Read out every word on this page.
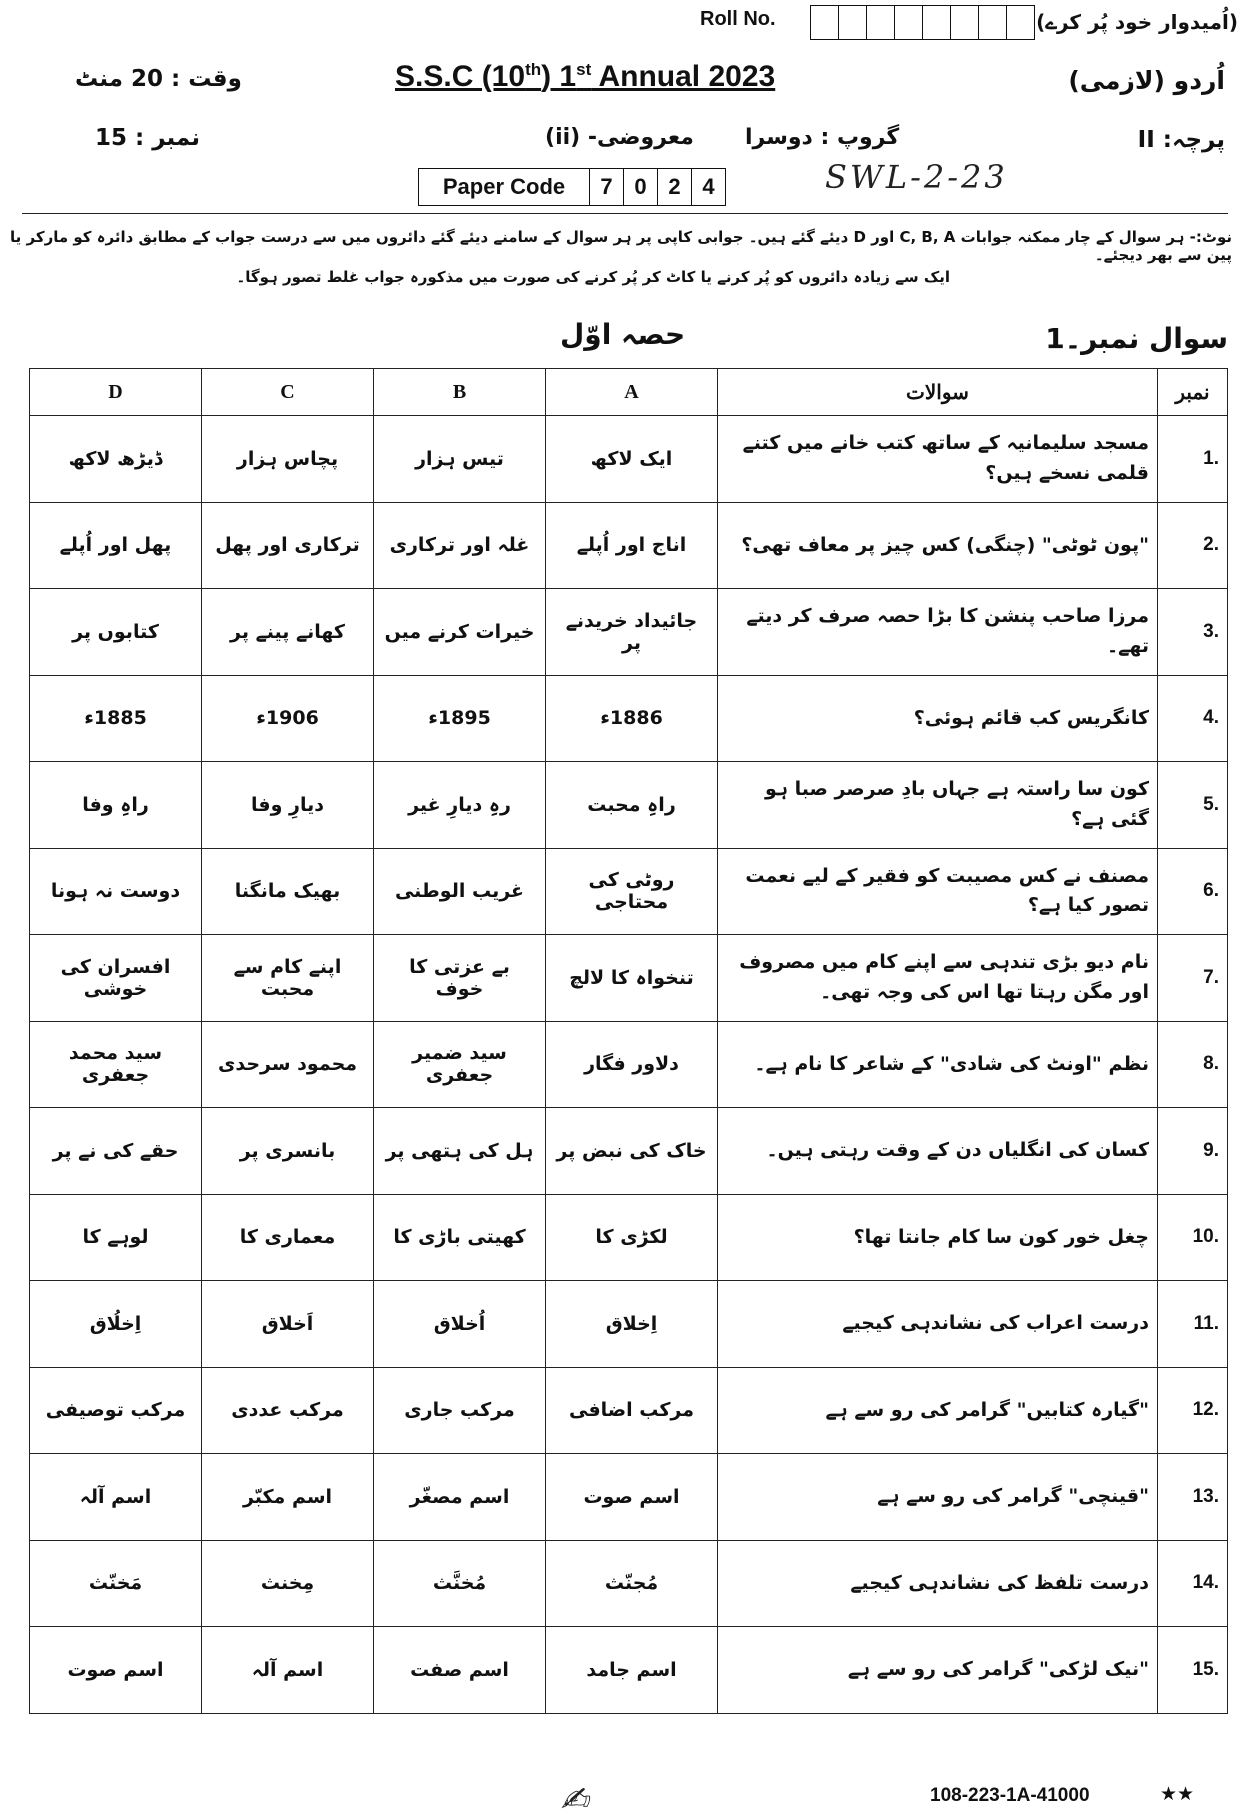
Roll No.	(اُمیدوار خود پُر کرے)
S.S.C (10th) 1st Annual 2023
وقت : 20 منٹ
نمبر : 15
اُردو (لازمی)
پرچہ: II
گروپ : دوسرا
معروضی- (ii)
Paper Code	7 0 2 4	SWL-2-23
نوٹ:- ہر سوال کے چار ممکنہ جوابات C, B, A اور D دیئے گئے ہیں۔ جوابی کاپی پر ہر سوال کے سامنے دیئے گئے دائروں میں سے درست جواب کے مطابق دائرہ کو مارکر یا پین سے بھر دیجئے۔
ایک سے زیادہ دائروں کو پُر کرنے یا کاٹ کر پُر کرنے کی صورت میں مذکورہ جواب غلط تصور ہوگا۔
سوال نمبر۔1
حصہ اوّل
D	C	B	A	سوالات	نمبر
ڈیڑھ لاکھ	پچاس ہزار	تیس ہزار	ایک لاکھ	مسجد سلیمانیہ کے ساتھ کتب خانے میں کتنے قلمی نسخے ہیں؟	1.
پھل اور اُپلے	ترکاری اور پھل	غلہ اور ترکاری	اناج اور اُپلے	"پون ٹوٹی" (چنگی) کس چیز پر معاف تھی؟	2.
کتابوں پر	کھانے پینے پر	خیرات کرنے میں	جائیداد خریدنے پر	مرزا صاحب پنشن کا بڑا حصہ صرف کر دیتے تھے۔	3.
1885ء	1906ء	1895ء	1886ء	کانگریس کب قائم ہوئی؟	4.
راہِ وفا	دیارِ وفا	رہِ دیارِ غیر	راہِ محبت	کون سا راستہ ہے جہاں بادِ صرصر صبا ہو گئی ہے؟	5.
دوست نہ ہونا	بھیک مانگنا	غریب الوطنی	روٹی کی محتاجی	مصنف نے کس مصیبت کو فقیر کے لیے نعمت تصور کیا ہے؟	6.
افسران کی خوشی	اپنے کام سے محبت	بے عزتی کا خوف	تنخواہ کا لالچ	نام دیو بڑی تندہی سے اپنے کام میں مصروف اور مگن رہتا تھا اس کی وجہ تھی۔	7.
سید محمد جعفری	محمود سرحدی	سید ضمیر جعفری	دلاور فگار	نظم "اونٹ کی شادی" کے شاعر کا نام ہے۔	8.
حقے کی نے پر	بانسری پر	ہل کی ہتھی پر	خاک کی نبض پر	کسان کی انگلیاں دن کے وقت رہتی ہیں۔	9.
لوہے کا	معماری کا	کھیتی باڑی کا	لکڑی کا	چغل خور کون سا کام جانتا تھا؟	10.
اِخلُاق	اَخلاق	اُخلاق	اِخلاق	درست اعراب کی نشاندہی کیجیے	11.
مرکب توصیفی	مرکب عددی	مرکب جاری	مرکب اضافی	"گیارہ کتابیں" گرامر کی رو سے ہے	12.
اسم آلہ	اسم مکبّر	اسم مصغّر	اسم صوت	"قینچی" گرامر کی رو سے ہے	13.
مَخنّث	مِخنث	مُخنَّث	مُجنّث	درست تلفظ کی نشاندہی کیجیے	14.
اسم صوت	اسم آلہ	اسم صفت	اسم جامد	"نیک لڑکی" گرامر کی رو سے ہے	15.
✍︎	108-223-1A-41000	★★
